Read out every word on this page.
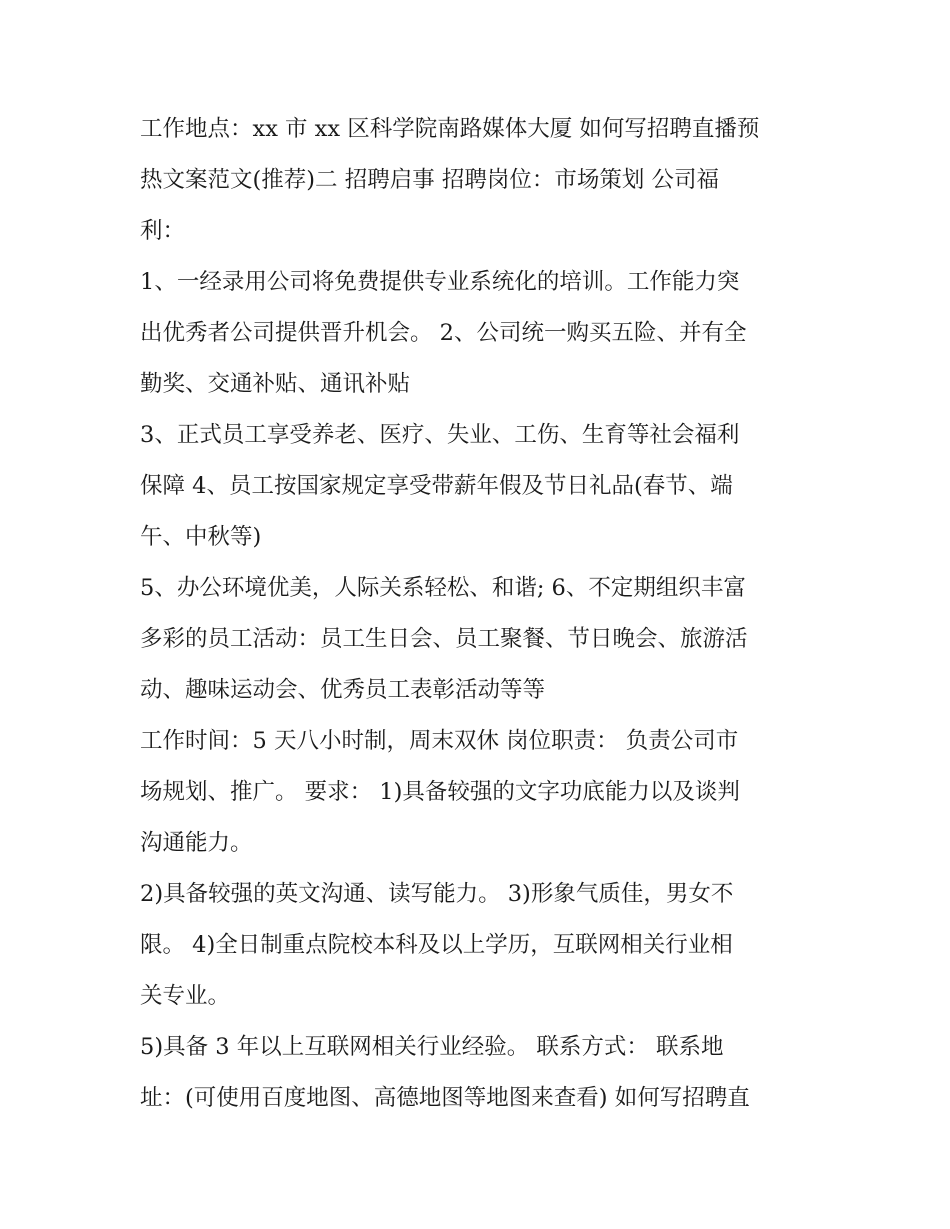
工作地点：xx 市 xx 区科学院南路媒体大厦 如何写招聘直播预
热文案范文(推荐)二 招聘启事 招聘岗位：市场策划 公司福
利：

1、一经录用公司将免费提供专业系统化的培训。工作能力突
出优秀者公司提供晋升机会。 2、公司统一购买五险、并有全
勤奖、交通补贴、通讯补贴

3、正式员工享受养老、医疗、失业、工伤、生育等社会福利
保障 4、员工按国家规定享受带薪年假及节日礼品(春节、端
午、中秋等)

5、办公环境优美，人际关系轻松、和谐; 6、不定期组织丰富
多彩的员工活动：员工生日会、员工聚餐、节日晚会、旅游活
动、趣味运动会、优秀员工表彰活动等等

工作时间：5 天八小时制，周末双休 岗位职责： 负责公司市
场规划、推广。 要求： 1)具备较强的文字功底能力以及谈判
沟通能力。

2)具备较强的英文沟通、读写能力。 3)形象气质佳，男女不
限。 4)全日制重点院校本科及以上学历，互联网相关行业相
关专业。

5)具备 3 年以上互联网相关行业经验。 联系方式： 联系地
址：(可使用百度地图、高德地图等地图来查看) 如何写招聘直
